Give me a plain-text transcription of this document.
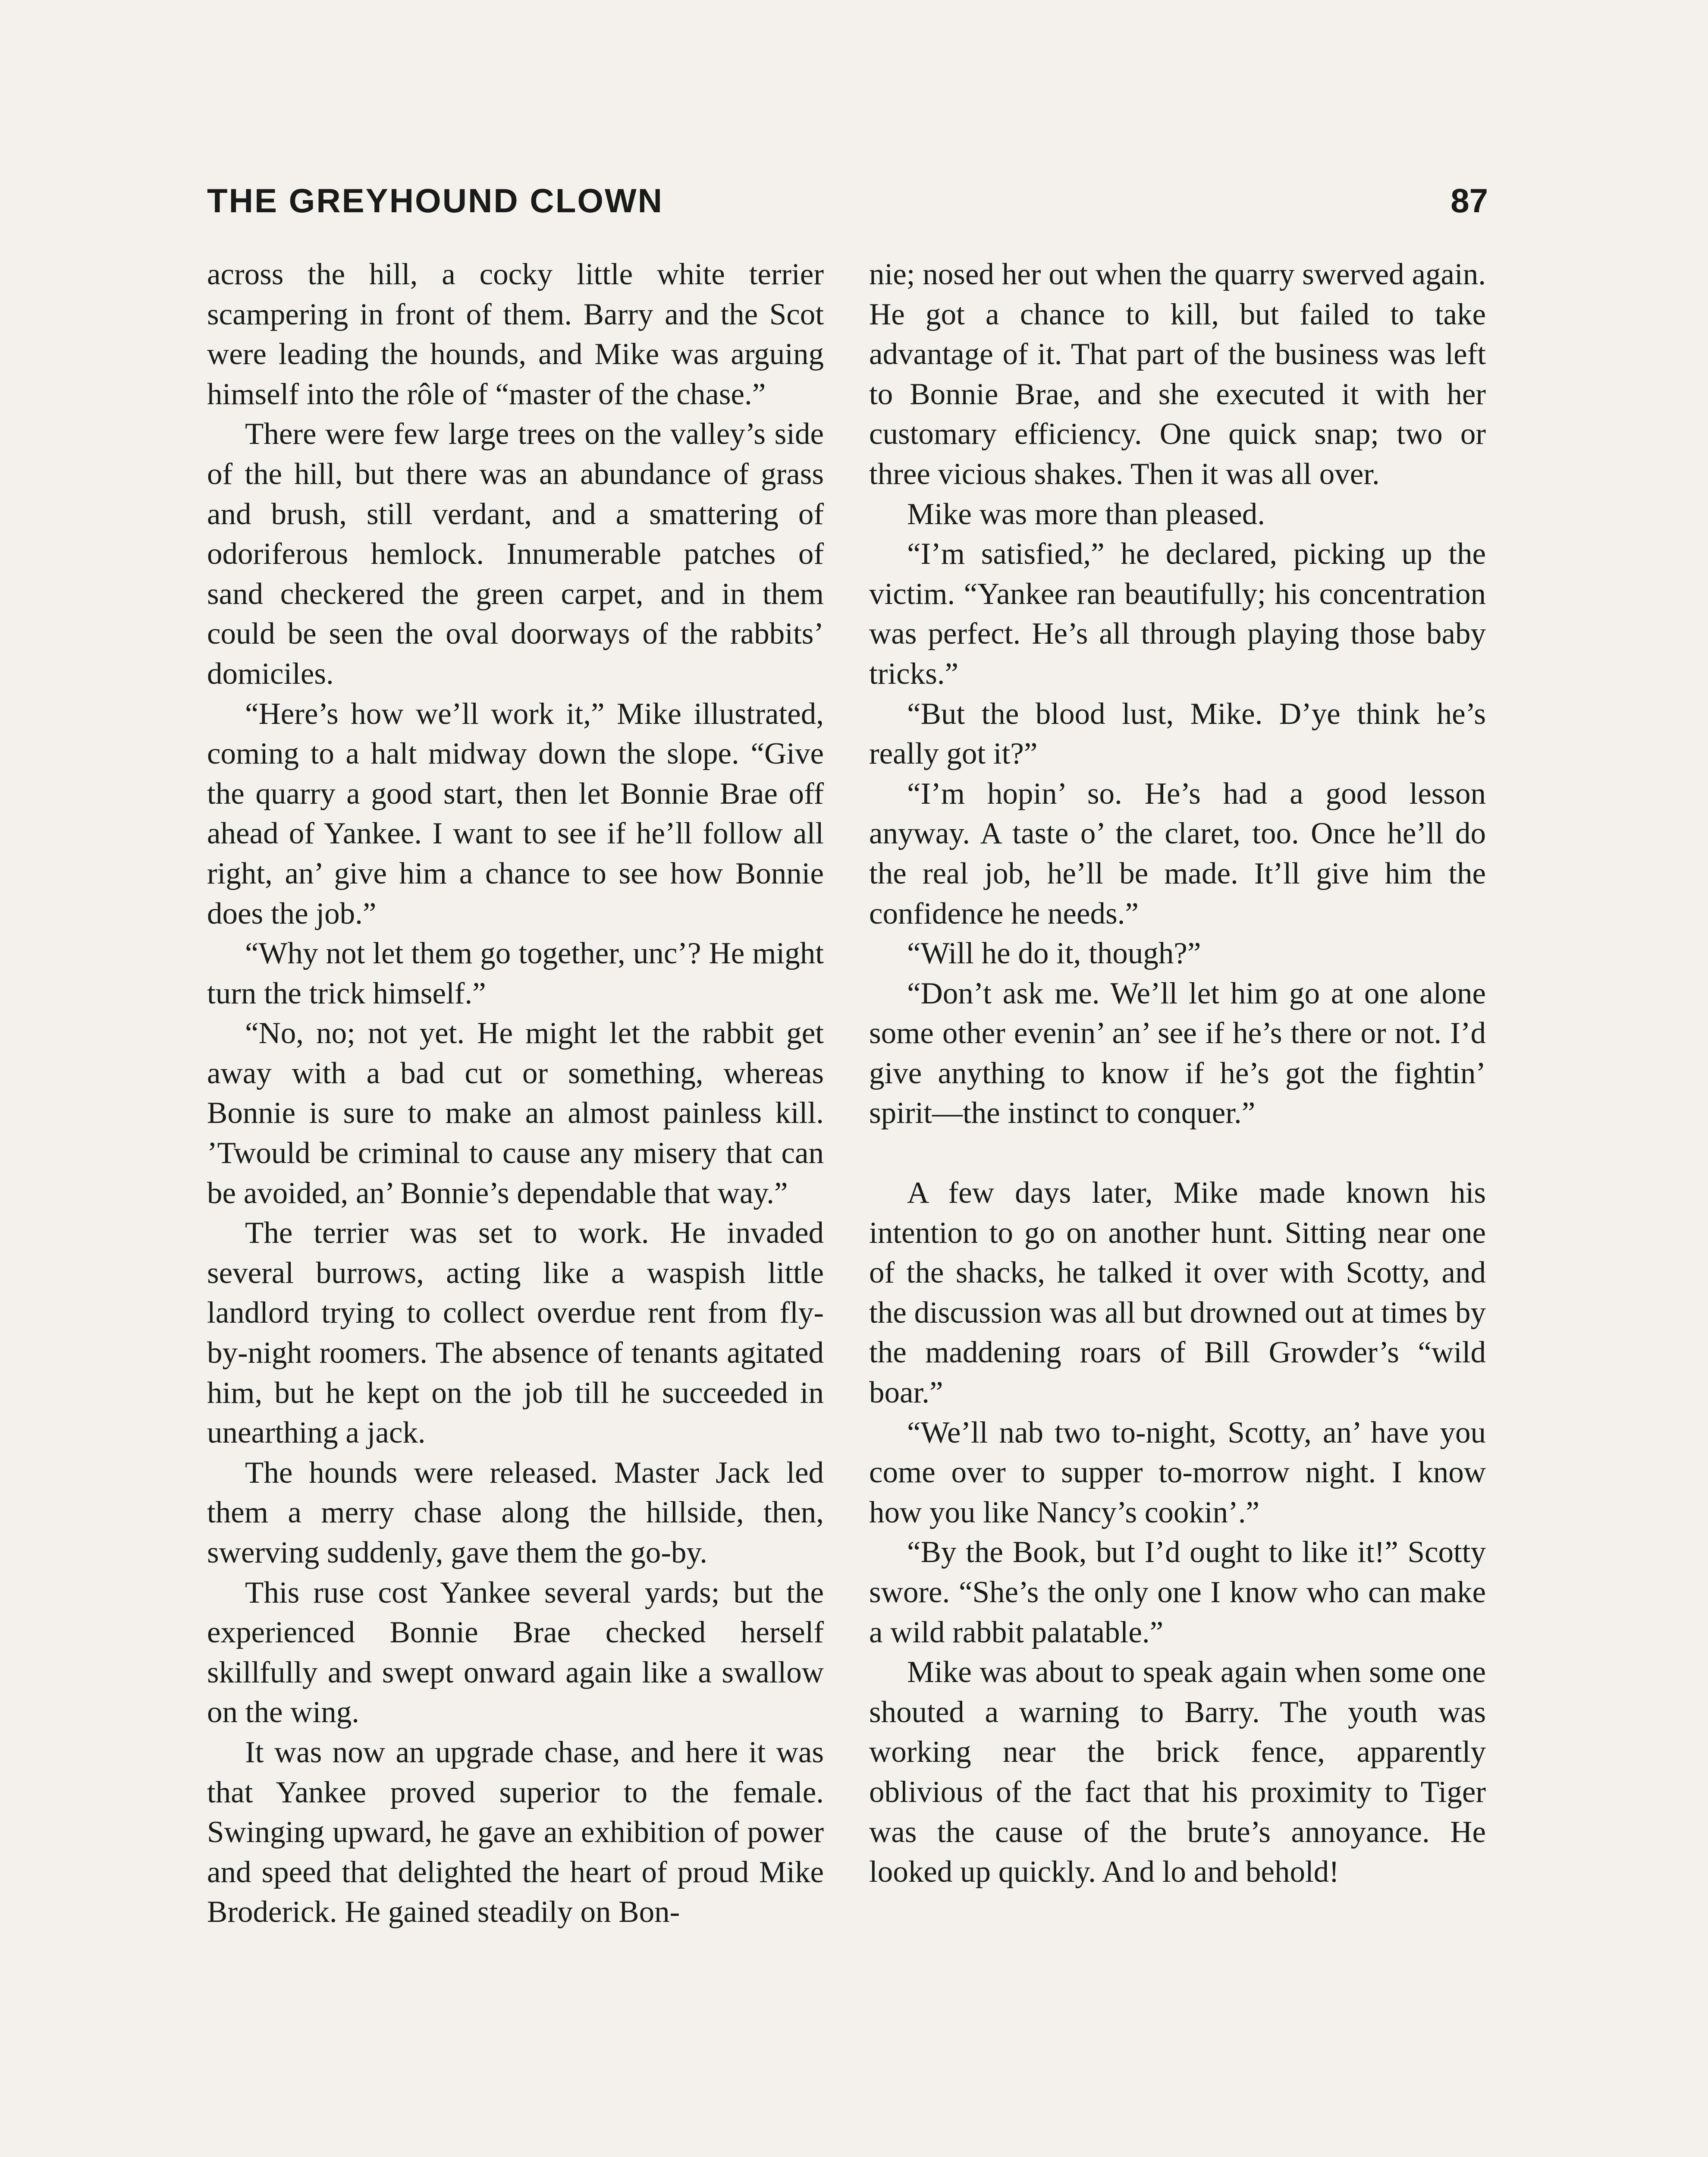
THE GREYHOUND CLOWN	87

across the hill, a cocky little white terrier scampering in front of them. Barry and the Scot were leading the hounds, and Mike was arguing himself into the rôle of “master of the chase.”

There were few large trees on the valley’s side of the hill, but there was an abundance of grass and brush, still verdant, and a smattering of odoriferous hemlock. Innumerable patches of sand checkered the green carpet, and in them could be seen the oval doorways of the rabbits’ domiciles.

“Here’s how we’ll work it,” Mike illustrated, coming to a halt midway down the slope. “Give the quarry a good start, then let Bonnie Brae off ahead of Yankee. I want to see if he’ll follow all right, an’ give him a chance to see how Bonnie does the job.”

“Why not let them go together, unc’? He might turn the trick himself.”

“No, no; not yet. He might let the rabbit get away with a bad cut or something, whereas Bonnie is sure to make an almost painless kill. ’Twould be criminal to cause any misery that can be avoided, an’ Bonnie’s dependable that way.”

The terrier was set to work. He invaded several burrows, acting like a waspish little landlord trying to collect overdue rent from fly-by-night roomers. The absence of tenants agitated him, but he kept on the job till he succeeded in unearthing a jack.

The hounds were released. Master Jack led them a merry chase along the hillside, then, swerving suddenly, gave them the go-by.

This ruse cost Yankee several yards; but the experienced Bonnie Brae checked herself skillfully and swept onward again like a swallow on the wing.

It was now an upgrade chase, and here it was that Yankee proved superior to the female. Swinging upward, he gave an exhibition of power and speed that delighted the heart of proud Mike Broderick. He gained steadily on Bon-

nie; nosed her out when the quarry swerved again. He got a chance to kill, but failed to take advantage of it. That part of the business was left to Bonnie Brae, and she executed it with her customary efficiency. One quick snap; two or three vicious shakes. Then it was all over.

Mike was more than pleased.

“I’m satisfied,” he declared, picking up the victim. “Yankee ran beautifully; his concentration was perfect. He’s all through playing those baby tricks.”

“But the blood lust, Mike. D’ye think he’s really got it?”

“I’m hopin’ so. He’s had a good lesson anyway. A taste o’ the claret, too. Once he’ll do the real job, he’ll be made. It’ll give him the confidence he needs.”

“Will he do it, though?”

“Don’t ask me. We’ll let him go at one alone some other evenin’ an’ see if he’s there or not. I’d give anything to know if he’s got the fightin’ spirit—the instinct to conquer.”

A few days later, Mike made known his intention to go on another hunt. Sitting near one of the shacks, he talked it over with Scotty, and the discussion was all but drowned out at times by the maddening roars of Bill Growder’s “wild boar.”

“We’ll nab two to-night, Scotty, an’ have you come over to supper to-morrow night. I know how you like Nancy’s cookin’.”

“By the Book, but I’d ought to like it!” Scotty swore. “She’s the only one I know who can make a wild rabbit palatable.”

Mike was about to speak again when some one shouted a warning to Barry. The youth was working near the brick fence, apparently oblivious of the fact that his proximity to Tiger was the cause of the brute’s annoyance. He looked up quickly. And lo and behold!
